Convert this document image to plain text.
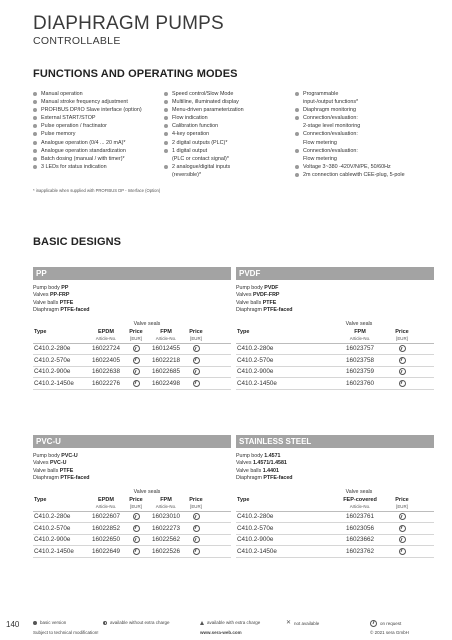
DIAPHRAGM PUMPS
CONTROLLABLE
FUNCTIONS AND OPERATING MODES
Manual operation
Manual stroke frequency adjustment
PROFIBUS DP/IO Slave interface (option)
External START/STOP
Pulse operation / fractinator
Pulse memory
Analogue operation (0/4 ... 20 mA)*
Analogue operation standardization
Batch dosing (manual / with timer)*
3 LEDs for status indication
Speed control/Slow Mode
Multiline, illuminated display
Menu-driven parameterization
Flow indication
Calibration function
4-key operation
2 digital outputs (PLC)*
1 digital output
(PLC or contact signal)*
2 analogue/digital inputs
(reversible)*
Programmable
input-/output functions*
Diaphragm monitoring
Connection/evaluation:
2-stage level monitoring
Connection/evaluation:
Flow metering
Connection/evaluation:
Flow metering
Voltage 3~380 -420V/N/PE, 50/60Hz
2m connection cablewith CEE-plug, 5-pole
* inapplicable when supplied with PROFIBUS DP - Interface (Option)
BASIC DESIGNS
PP
Pump body PP
Valves PP-FRP
Valve balls PTFE
Diaphragm PTFE-faced
Valve seals
Type	EPDM	Price	FPM	Price
Article-No.	[EUR]	Article-No.	[EUR]
C410.2-280e	16022724	16012455
C410.2-570e	16022405	16022218
C410.2-900e	16022638	16022685
C410.2-1450e	16022276	16022498
PVDF
Pump body PVDF
Valves PVDF-FRP
Valve balls PTFE
Diaphragm PTFE-faced
Valve seals
Type	FPM	Price
Article-No.	[EUR]
C410.2-280e	16023757
C410.2-570e	16023758
C410.2-900e	16023759
C410.2-1450e	16023760
PVC-U
Pump body PVC-U
Valves PVC-U
Valve balls PTFE
Diaphragm PTFE-faced
Valve seals
Type	EPDM	Price	FPM	Price
Article-No.	[EUR]	Article-No.	[EUR]
C410.2-280e	16022607	16023010
C410.2-570e	16022852	16022273
C410.2-900e	16022650	16022562
C410.2-1450e	16022649	16022526
STAINLESS STEEL
Pump body 1.4571
Valves 1.4571/1.4581
Valve balls 1.4401
Diaphragm PTFE-faced
Valve seals
Type	FEP-covered	Price
Article-No.	[EUR]
C410.2-280e	16023761
C410.2-570e	16023056
C410.2-900e	16023662
C410.2-1450e	16023762
140	basic version	available without extra charge	available with extra charge	✕ not available	on request
Subject to technical modification!	www.sera-web.com	© 2021 sera GmbH
